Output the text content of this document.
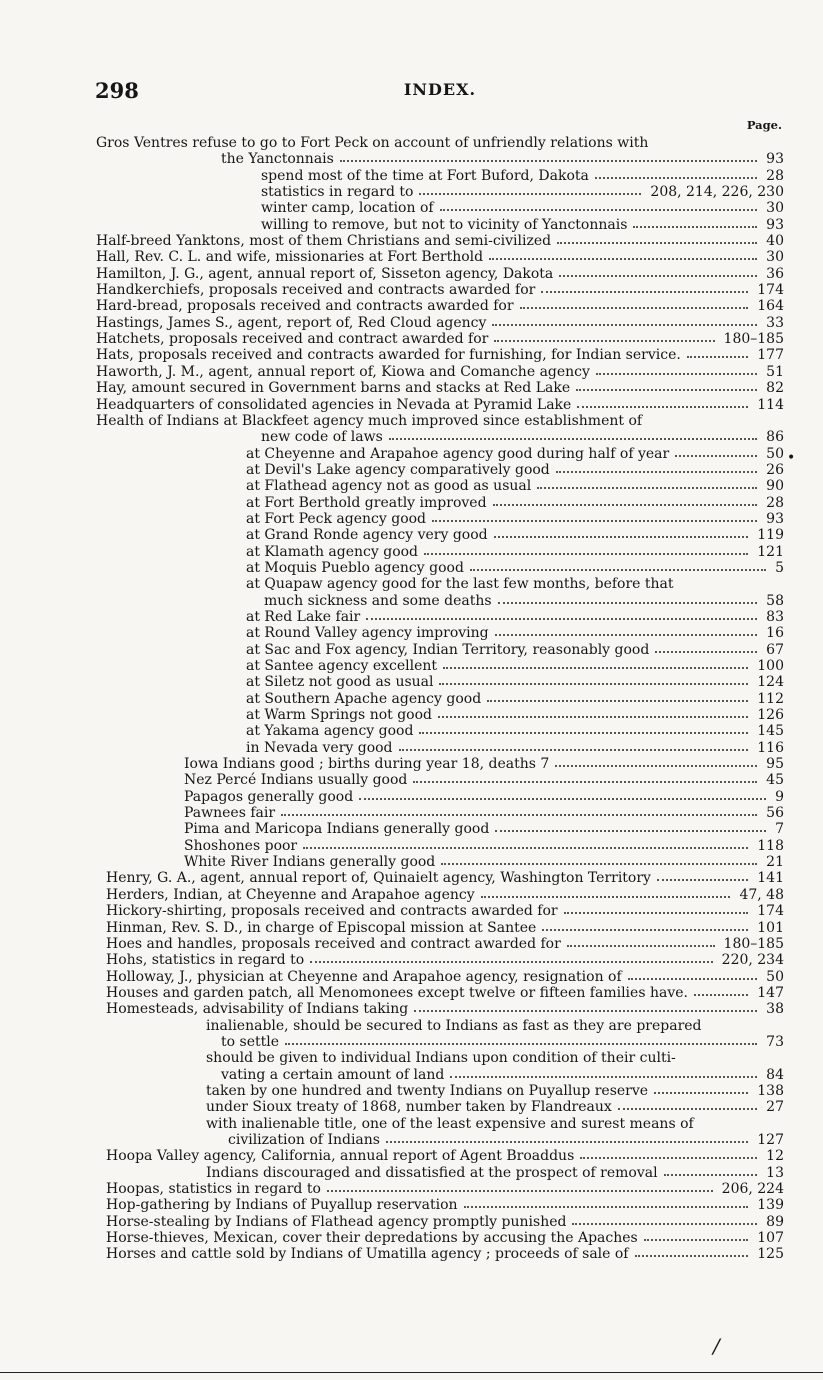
298	INDEX.
Page.
Gros Ventres refuse to go to Fort Peck on account of unfriendly relations with
the Yanctonnais	93
spend most of the time at Fort Buford, Dakota	28
statistics in regard to	208, 214, 226, 230
winter camp, location of	30
willing to remove, but not to vicinity of Yanctonnais	93
Half-breed Yanktons, most of them Christians and semi-civilized	40
Hall, Rev. C. L. and wife, missionaries at Fort Berthold	30
Hamilton, J. G., agent, annual report of, Sisseton agency, Dakota	36
Handkerchiefs, proposals received and contracts awarded for	174
Hard-bread, proposals received and contracts awarded for	164
Hastings, James S., agent, report of, Red Cloud agency	33
Hatchets, proposals received and contract awarded for	180–185
Hats, proposals received and contracts awarded for furnishing, for Indian service.	177
Haworth, J. M., agent, annual report of, Kiowa and Comanche agency	51
Hay, amount secured in Government barns and stacks at Red Lake	82
Headquarters of consolidated agencies in Nevada at Pyramid Lake	114
Health of Indians at Blackfeet agency much improved since establishment of
new code of laws	86
at Cheyenne and Arapahoe agency good during half of year	50
at Devil's Lake agency comparatively good	26
at Flathead agency not as good as usual	90
at Fort Berthold greatly improved	28
at Fort Peck agency good	93
at Grand Ronde agency very good	119
at Klamath agency good	121
at Moquis Pueblo agency good	5
at Quapaw agency good for the last few months, before that
much sickness and some deaths	58
at Red Lake fair	83
at Round Valley agency improving	16
at Sac and Fox agency, Indian Territory, reasonably good	67
at Santee agency excellent	100
at Siletz not good as usual	124
at Southern Apache agency good	112
at Warm Springs not good	126
at Yakama agency good	145
in Nevada very good	116
Iowa Indians good ; births during year 18, deaths 7	95
Nez Percé Indians usually good	45
Papagos generally good	9
Pawnees fair	56
Pima and Maricopa Indians generally good	7
Shoshones poor	118
White River Indians generally good	21
Henry, G. A., agent, annual report of, Quinaielt agency, Washington Territory	141
Herders, Indian, at Cheyenne and Arapahoe agency	47, 48
Hickory-shirting, proposals received and contracts awarded for	174
Hinman, Rev. S. D., in charge of Episcopal mission at Santee	101
Hoes and handles, proposals received and contract awarded for	180–185
Hohs, statistics in regard to	220, 234
Holloway, J., physician at Cheyenne and Arapahoe agency, resignation of	50
Houses and garden patch, all Menomonees except twelve or fifteen families have.	147
Homesteads, advisability of Indians taking	38
inalienable, should be secured to Indians as fast as they are prepared
to settle	73
should be given to individual Indians upon condition of their culti-
vating a certain amount of land	84
taken by one hundred and twenty Indians on Puyallup reserve	138
under Sioux treaty of 1868, number taken by Flandreaux	27
with inalienable title, one of the least expensive and surest means of
civilization of Indians	127
Hoopa Valley agency, California, annual report of Agent Broaddus	12
Indians discouraged and dissatisfied at the prospect of removal	13
Hoopas, statistics in regard to	206, 224
Hop-gathering by Indians of Puyallup reservation	139
Horse-stealing by Indians of Flathead agency promptly punished	89
Horse-thieves, Mexican, cover their depredations by accusing the Apaches	107
Horses and cattle sold by Indians of Umatilla agency ; proceeds of sale of	125
•
/
